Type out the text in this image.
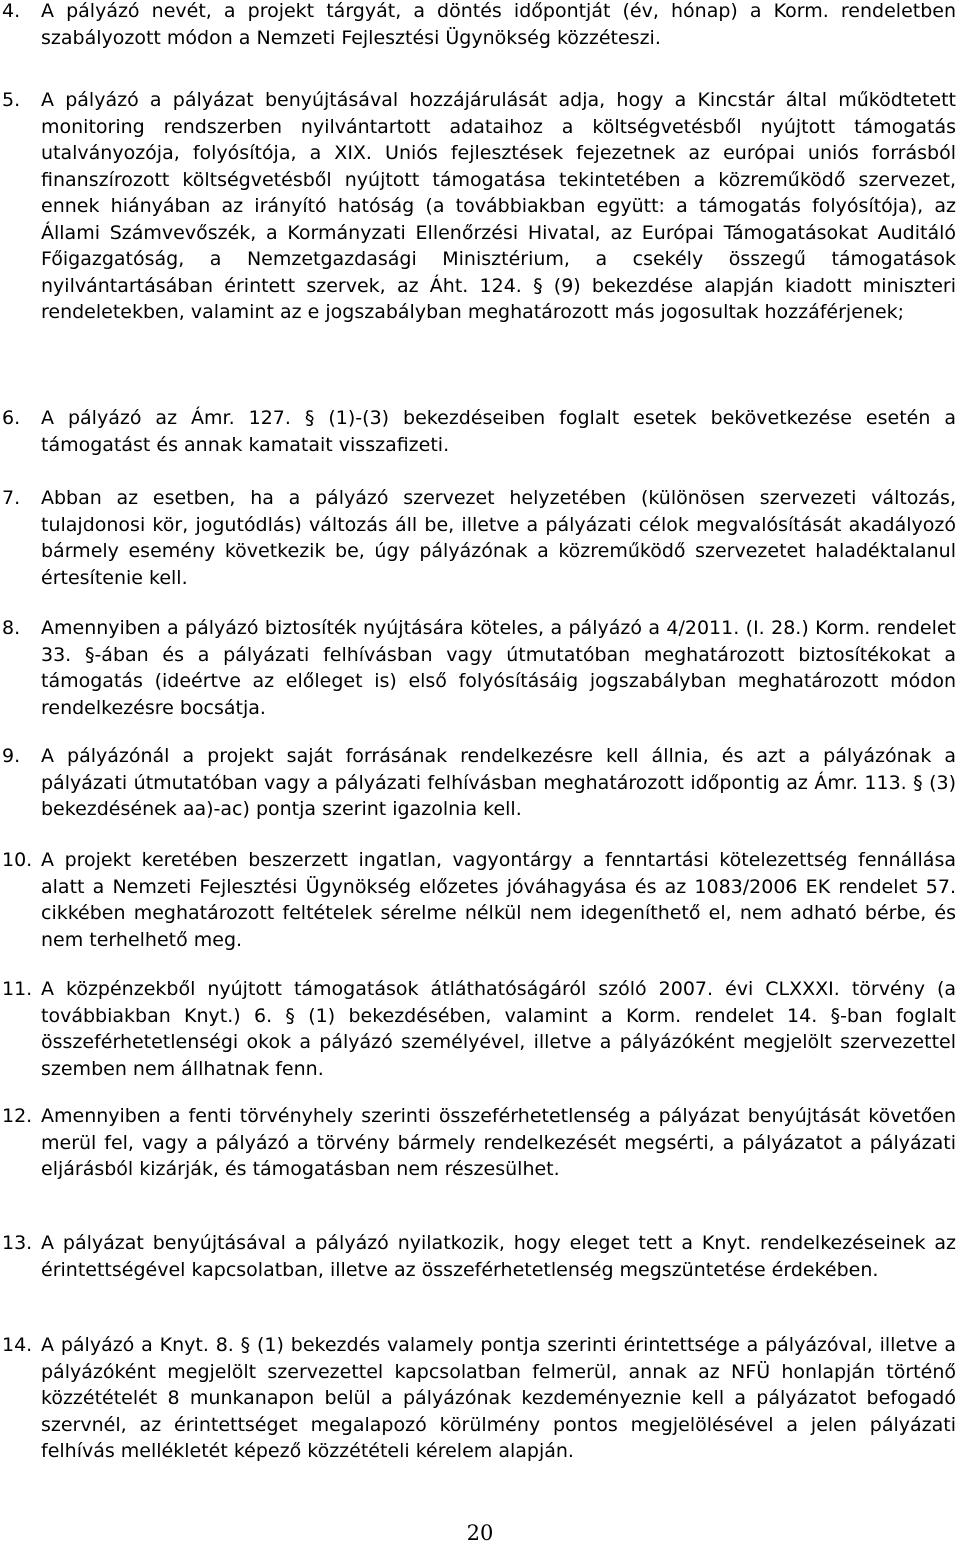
4. A pályázó nevét, a projekt tárgyát, a döntés időpontját (év, hónap) a Korm. rendeletben szabályozott módon a Nemzeti Fejlesztési Ügynökség közzéteszi.
5. A pályázó a pályázat benyújtásával hozzájárulását adja, hogy a Kincstár által működtetett monitoring rendszerben nyilvántartott adataihoz a költségvetésből nyújtott támogatás utalványozója, folyósítója, a XIX. Uniós fejlesztések fejezetnek az európai uniós forrásból finanszírozott költségvetésből nyújtott támogatása tekintetében a közreműködő szervezet, ennek hiányában az irányító hatóság (a továbbiakban együtt: a támogatás folyósítója), az Állami Számvevőszék, a Kormányzati Ellenőrzési Hivatal, az Európai Támogatásokat Auditáló Főigazgatóság, a Nemzetgazdasági Minisztérium, a csekély összegű támogatások nyilvántartásában érintett szervek, az Áht. 124. § (9) bekezdése alapján kiadott miniszteri rendeletekben, valamint az e jogszabályban meghatározott más jogosultak hozzáférjenek;
6. A pályázó az Ámr. 127. § (1)-(3) bekezdéseiben foglalt esetek bekövetkezése esetén a támogatást és annak kamatait visszafizeti.
7. Abban az esetben, ha a pályázó szervezet helyzetében (különösen szervezeti változás, tulajdonosi kör, jogutódlás) változás áll be, illetve a pályázati célok megvalósítását akadályozó bármely esemény következik be, úgy pályázónak a közreműködő szervezetet haladéktalanul értesítenie kell.
8. Amennyiben a pályázó biztosíték nyújtására köteles, a pályázó a 4/2011. (I. 28.) Korm. rendelet 33. §-ában és a pályázati felhívásban vagy útmutatóban meghatározott biztosítékokat a támogatás (ideértve az előleget is) első folyósításáig jogszabályban meghatározott módon rendelkezésre bocsátja.
9. A pályázónál a projekt saját forrásának rendelkezésre kell állnia, és azt a pályázónak a pályázati útmutatóban vagy a pályázati felhívásban meghatározott időpontig az Ámr. 113. § (3) bekezdésének aa)-ac) pontja szerint igazolnia kell.
10. A projekt keretében beszerzett ingatlan, vagyontárgy a fenntartási kötelezettség fennállása alatt a Nemzeti Fejlesztési Ügynökség előzetes jóváhagyása és az 1083/2006 EK rendelet 57. cikkében meghatározott feltételek sérelme nélkül nem idegeníthető el, nem adható bérbe, és nem terhelhető meg.
11. A közpénzekből nyújtott támogatások átláthatóságáról szóló 2007. évi CLXXXI. törvény (a továbbiakban Knyt.) 6. § (1) bekezdésében, valamint a Korm. rendelet 14. §-ban foglalt összeférhetetlenségi okok a pályázó személyével, illetve a pályázóként megjelölt szervezettel szemben nem állhatnak fenn.
12. Amennyiben a fenti törvényhely szerinti összeférhetetlenség a pályázat benyújtását követően merül fel, vagy a pályázó a törvény bármely rendelkezését megsérti, a pályázatot a pályázati eljárásból kizárják, és támogatásban nem részesülhet.
13. A pályázat benyújtásával a pályázó nyilatkozik, hogy eleget tett a Knyt. rendelkezéseinek az érintettségével kapcsolatban, illetve az összeférhetetlenség megszüntetése érdekében.
14. A pályázó a Knyt. 8. § (1) bekezdés valamely pontja szerinti érintettsége a pályázóval, illetve a pályázóként megjelölt szervezettel kapcsolatban felmerül, annak az NFÜ honlapján történő közzétételét 8 munkanapon belül a pályázónak kezdeményeznie kell a pályázatot befogadó szervnél, az érintettséget megalapozó körülmény pontos megjelölésével a jelen pályázati felhívás mellékletét képező közzétételi kérelem alapján.
20
